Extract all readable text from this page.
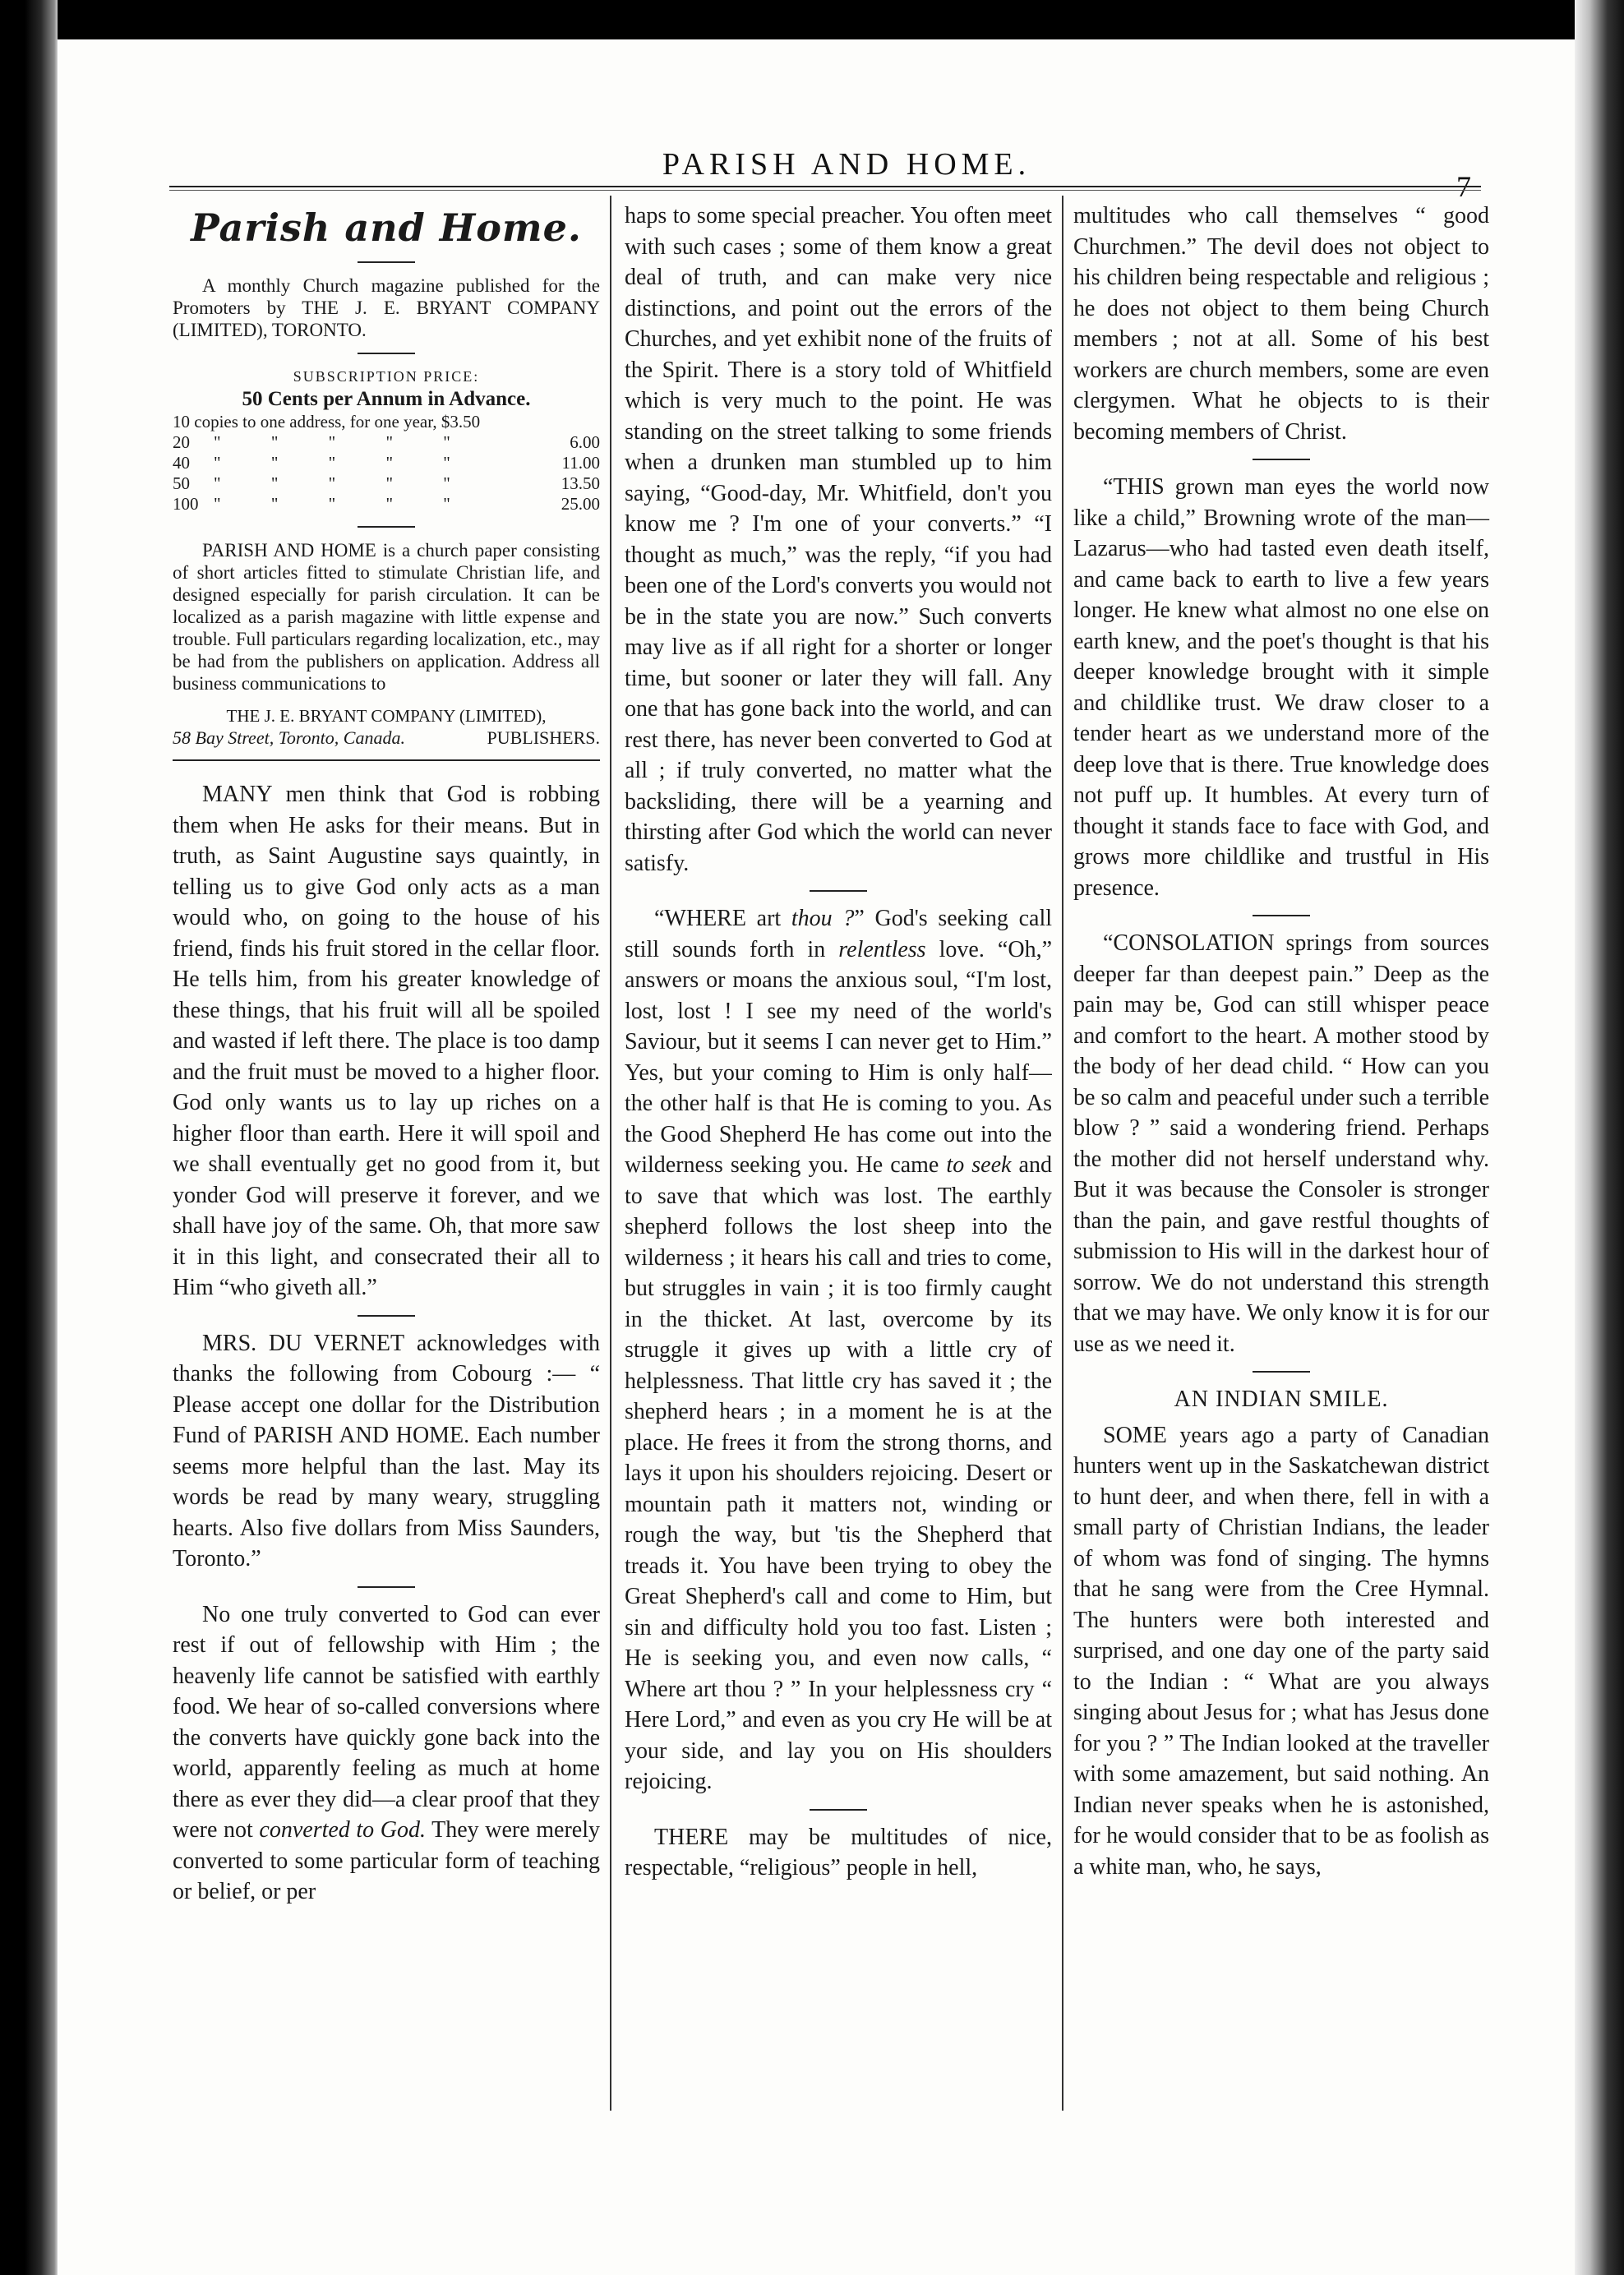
PARISH AND HOME.
7
Parish and Home.

A monthly Church magazine published for the Promoters by THE J. E. BRYANT COMPANY (LIMITED), TORONTO.

SUBSCRIPTION PRICE:
50 Cents per Annum in Advance.
10 copies to one address, for one year, $3.50
20	" " " " "	6.00
40	" " " " "	11.00
50	" " " " "	13.50
100 " " " " "	25.00

PARISH AND HOME is a church paper consisting of short articles fitted to stimulate Christian life, and designed especially for parish circulation. It can be localized as a parish magazine with little expense and trouble. Full particulars regarding localization, etc., may be had from the publishers on application. Address all business communications to

THE J. E. BRYANT COMPANY (LIMITED),
58 Bay Street, Toronto, Canada.	PUBLISHERS.

MANY men think that God is robbing them when He asks for their means. But in truth, as Saint Augustine says quaintly, in telling us to give God only acts as a man would who, on going to the house of his friend, finds his fruit stored in the cellar floor. He tells him, from his greater knowledge of these things, that his fruit will all be spoiled and wasted if left there. The place is too damp and the fruit must be moved to a higher floor. God only wants us to lay up riches on a higher floor than earth. Here it will spoil and we shall eventually get no good from it, but yonder God will preserve it forever, and we shall have joy of the same. Oh, that more saw it in this light, and consecrated their all to Him “who giveth all.”

MRS. DU VERNET acknowledges with thanks the following from Cobourg :— “ Please accept one dollar for the Distribution Fund of PARISH AND HOME. Each number seems more helpful than the last. May its words be read by many weary, struggling hearts. Also five dollars from Miss Saunders, Toronto.”

No one truly converted to God can ever rest if out of fellowship with Him ; the heavenly life cannot be satisfied with earthly food. We hear of so-called conversions where the converts have quickly gone back into the world, apparently feeling as much at home there as ever they did—a clear proof that they were not converted to God. They were merely converted to some particular form of teaching or belief, or per

haps to some special preacher. You often meet with such cases ; some of them know a great deal of truth, and can make very nice distinctions, and point out the errors of the Churches, and yet exhibit none of the fruits of the Spirit. There is a story told of Whitfield which is very much to the point. He was standing on the street talking to some friends when a drunken man stumbled up to him saying, “Good-day, Mr. Whitfield, don't you know me ? I'm one of your converts.” “I thought as much,” was the reply, “if you had been one of the Lord's converts you would not be in the state you are now.” Such converts may live as if all right for a shorter or longer time, but sooner or later they will fall. Any one that has gone back into the world, and can rest there, has never been converted to God at all ; if truly converted, no matter what the backsliding, there will be a yearning and thirsting after God which the world can never satisfy.

“WHERE art thou ?” God's seeking call still sounds forth in relentless love. “Oh,” answers or moans the anxious soul, “I'm lost, lost, lost ! I see my need of the world's Saviour, but it seems I can never get to Him.” Yes, but your coming to Him is only half—the other half is that He is coming to you. As the Good Shepherd He has come out into the wilderness seeking you. He came to seek and to save that which was lost. The earthly shepherd follows the lost sheep into the wilderness ; it hears his call and tries to come, but struggles in vain ; it is too firmly caught in the thicket. At last, overcome by its struggle it gives up with a little cry of helplessness. That little cry has saved it ; the shepherd hears ; in a moment he is at the place. He frees it from the strong thorns, and lays it upon his shoulders rejoicing. Desert or mountain path it matters not, winding or rough the way, but 'tis the Shepherd that treads it. You have been trying to obey the Great Shepherd's call and come to Him, but sin and difficulty hold you too fast. Listen ; He is seeking you, and even now calls, “ Where art thou ? ” In your helplessness cry “ Here Lord,” and even as you cry He will be at your side, and lay you on His shoulders rejoicing.

THERE may be multitudes of nice, respectable, “religious” people in hell,

multitudes who call themselves “ good Churchmen.” The devil does not object to his children being respectable and religious ; he does not object to them being Church members ; not at all. Some of his best workers are church members, some are even clergymen. What he objects to is their becoming members of Christ.

“THIS grown man eyes the world now like a child,” Browning wrote of the man—Lazarus—who had tasted even death itself, and came back to earth to live a few years longer. He knew what almost no one else on earth knew, and the poet's thought is that his deeper knowledge brought with it simple and childlike trust. We draw closer to a tender heart as we understand more of the deep love that is there. True knowledge does not puff up. It humbles. At every turn of thought it stands face to face with God, and grows more childlike and trustful in His presence.

“CONSOLATION springs from sources deeper far than deepest pain.” Deep as the pain may be, God can still whisper peace and comfort to the heart. A mother stood by the body of her dead child. “ How can you be so calm and peaceful under such a terrible blow ? ” said a wondering friend. Perhaps the mother did not herself understand why. But it was because the Consoler is stronger than the pain, and gave restful thoughts of submission to His will in the darkest hour of sorrow. We do not understand this strength that we may have. We only know it is for our use as we need it.

AN INDIAN SMILE.

SOME years ago a party of Canadian hunters went up in the Saskatchewan district to hunt deer, and when there, fell in with a small party of Christian Indians, the leader of whom was fond of singing. The hymns that he sang were from the Cree Hymnal. The hunters were both interested and surprised, and one day one of the party said to the Indian : “ What are you always singing about Jesus for ; what has Jesus done for you ? ” The Indian looked at the traveller with some amazement, but said nothing. An Indian never speaks when he is astonished, for he would consider that to be as foolish as a white man, who, he says,
